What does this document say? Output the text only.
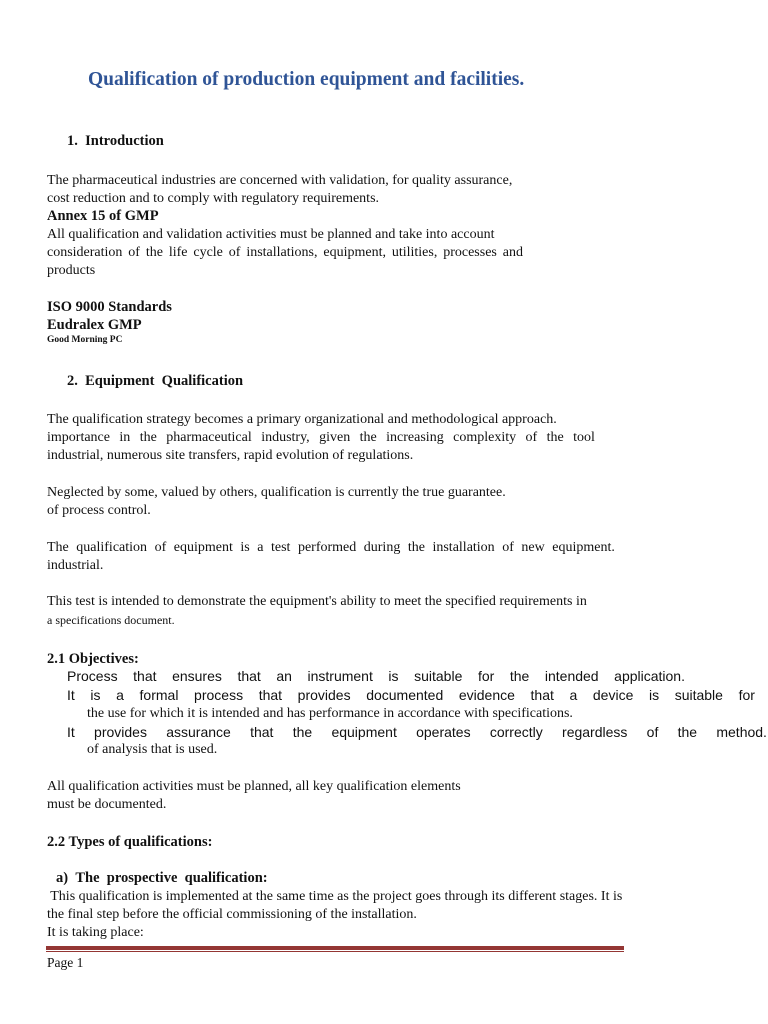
Qualification of production equipment and facilities.
1. Introduction
The pharmaceutical industries are concerned with validation, for quality assurance,
cost reduction and to comply with regulatory requirements.
Annex 15 of GMP
All qualification and validation activities must be planned and take into account
consideration of the life cycle of installations, equipment, utilities, processes and
products
ISO 9000 Standards
Eudralex GMP
Good Morning PC
2. Equipment  Qualification
The qualification strategy becomes a primary organizational and methodological approach.
importance in the pharmaceutical industry, given the increasing complexity of the tool
industrial, numerous site transfers, rapid evolution of regulations.
Neglected by some, valued by others, qualification is currently the true guarantee.
of process control.
The qualification of equipment is a test performed during the installation of new equipment.
industrial.
This test is intended to demonstrate the equipment's ability to meet the specified requirements in
a specifications document.
2.1 Objectives:
Process that ensures that an instrument is suitable for the intended application.
It is a formal process that provides documented evidence that a device is suitable for
the use for which it is intended and has performance in accordance with specifications.
It provides assurance that the equipment operates correctly regardless of the method.
of analysis that is used.
All qualification activities must be planned, all key qualification elements
must be documented.
2.2 Types of qualifications:
a) The  prospective  qualification:
This qualification is implemented at the same time as the project goes through its different stages. It is
the final step before the official commissioning of the installation.
It is taking place:
Page 1
